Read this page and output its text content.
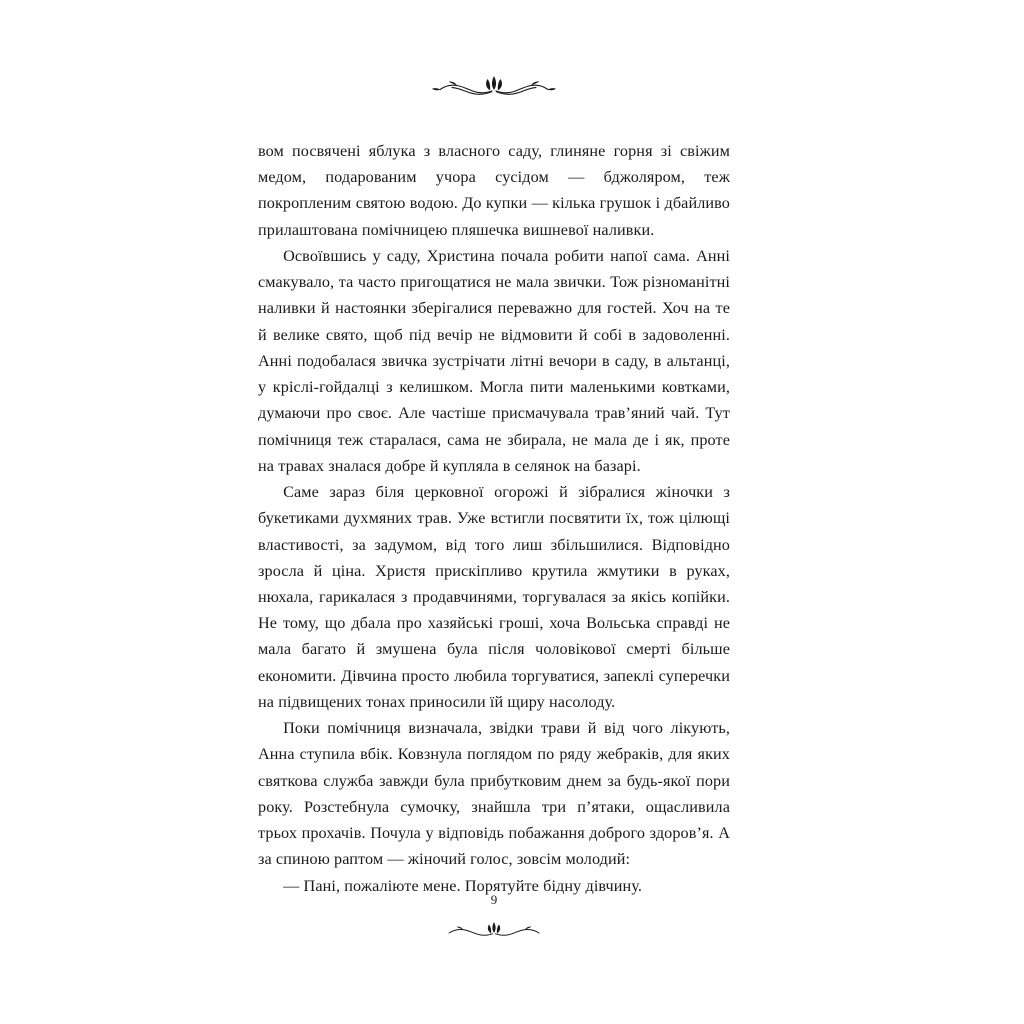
вом посвячені яблука з власного саду, глиняне горня зі свіжим медом, подарованим учора сусідом — бджоляром, теж покропленим святою водою. До купки — кілька грушок і дбайливо прилаштована помічницею пляшечка вишневої наливки.

Освоївшись у саду, Христина почала робити напої сама. Анні смакувало, та часто пригощатися не мала звички. Тож різноманітні наливки й настоянки зберігалися переважно для гостей. Хоч на те й велике свято, щоб під вечір не відмовити й собі в задоволенні. Анні подобалася звичка зустрічати літні вечори в саду, в альтанці, у кріслі-гойдалці з келишком. Могла пити маленькими ковтками, думаючи про своє. Але частіше присмачувала трав’яний чай. Тут помічниця теж старалася, сама не збирала, не мала де і як, проте на травах зналася добре й купляла в селянок на базарі.

Саме зараз біля церковної огорожі й зібралися жіночки з букетиками духмяних трав. Уже встигли посвятити їх, тож цілющі властивості, за задумом, від того лиш збільшилися. Відповідно зросла й ціна. Христя прискіпливо крутила жмутики в руках, нюхала, гарикалася з продавчинями, торгувалася за якісь копійки. Не тому, що дбала про хазяйські гроші, хоча Вольська справді не мала багато й змушена була після чоловікової смерті більше економити. Дівчина просто любила торгуватися, запеклі суперечки на підвищених тонах приносили їй щиру насолоду.

Поки помічниця визначала, звідки трави й від чого лікують, Анна ступила вбік. Ковзнула поглядом по ряду жебраків, для яких святкова служба завжди була прибутковим днем за будь-якої пори року. Розстебнула сумочку, знайшла три п’ятаки, ощасливила трьох прохачів. Почула у відповідь побажання доброго здоров’я. А за спиною раптом — жіночий голос, зовсім молодий:

— Пані, пожаліюте мене. Порятуйте бідну дівчину.

9
